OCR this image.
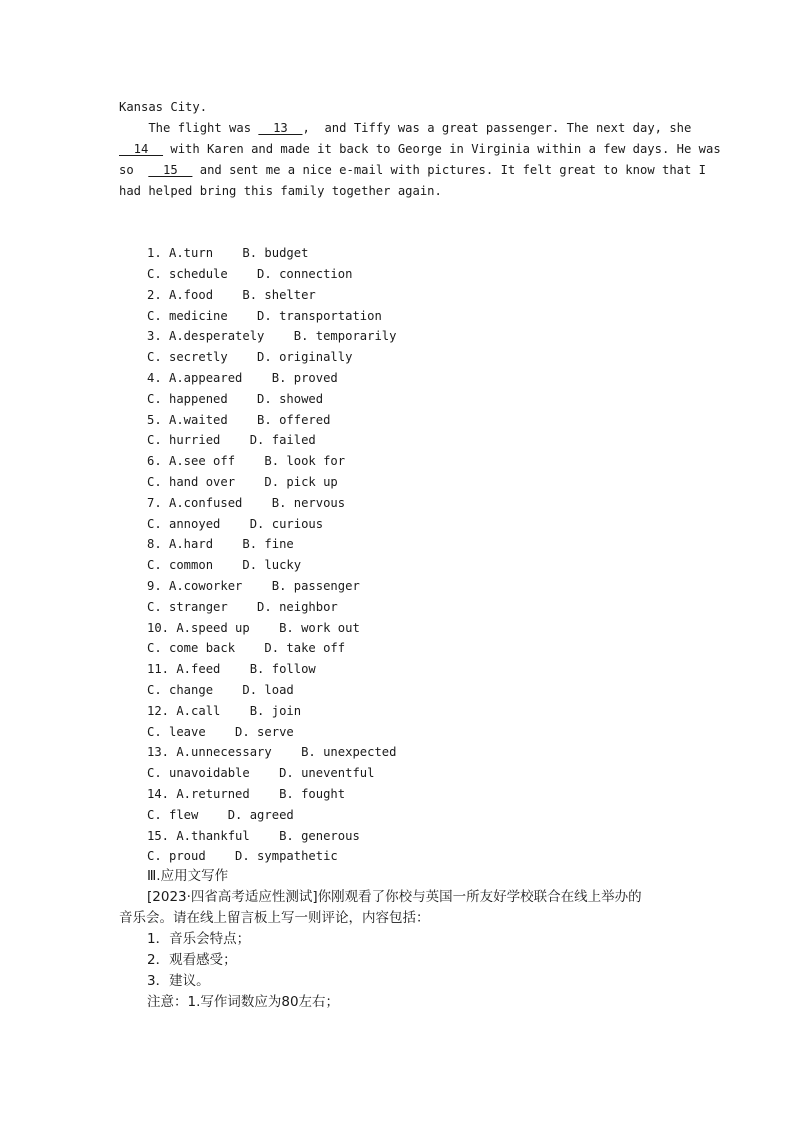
Kansas City.
The flight was __13__,  and Tiffy was a great passenger. The next day, she
__14__ with Karen and made it back to George in Virginia within a few days. He was
so  __15__ and sent me a nice e-mail with pictures. It felt great to know that I
had helped bring this family together again.
1. A.turn    B. budget
C. schedule    D. connection
2. A.food    B. shelter
C. medicine    D. transportation
3. A.desperately    B. temporarily
C. secretly    D. originally
4. A.appeared    B. proved
C. happened    D. showed
5. A.waited    B. offered
C. hurried    D. failed
6. A.see off    B. look for
C. hand over    D. pick up
7. A.confused    B. nervous
C. annoyed    D. curious
8. A.hard    B. fine
C. common    D. lucky
9. A.coworker    B. passenger
C. stranger    D. neighbor
10. A.speed up    B. work out
C. come back    D. take off
11. A.feed    B. follow
C. change    D. load
12. A.call    B. join
C. leave    D. serve
13. A.unnecessary    B. unexpected
C. unavoidable    D. uneventful
14. A.returned    B. fought
C. flew    D. agreed
15. A.thankful    B. generous
C. proud    D. sympathetic
Ⅲ.应用文写作
[2023·四省高考适应性测试]你刚观看了你校与英国一所友好学校联合在线上举办的
音乐会。请在线上留言板上写一则评论，内容包括：
1．音乐会特点；
2．观看感受；
3．建议。
注意：1.写作词数应为80左右；
